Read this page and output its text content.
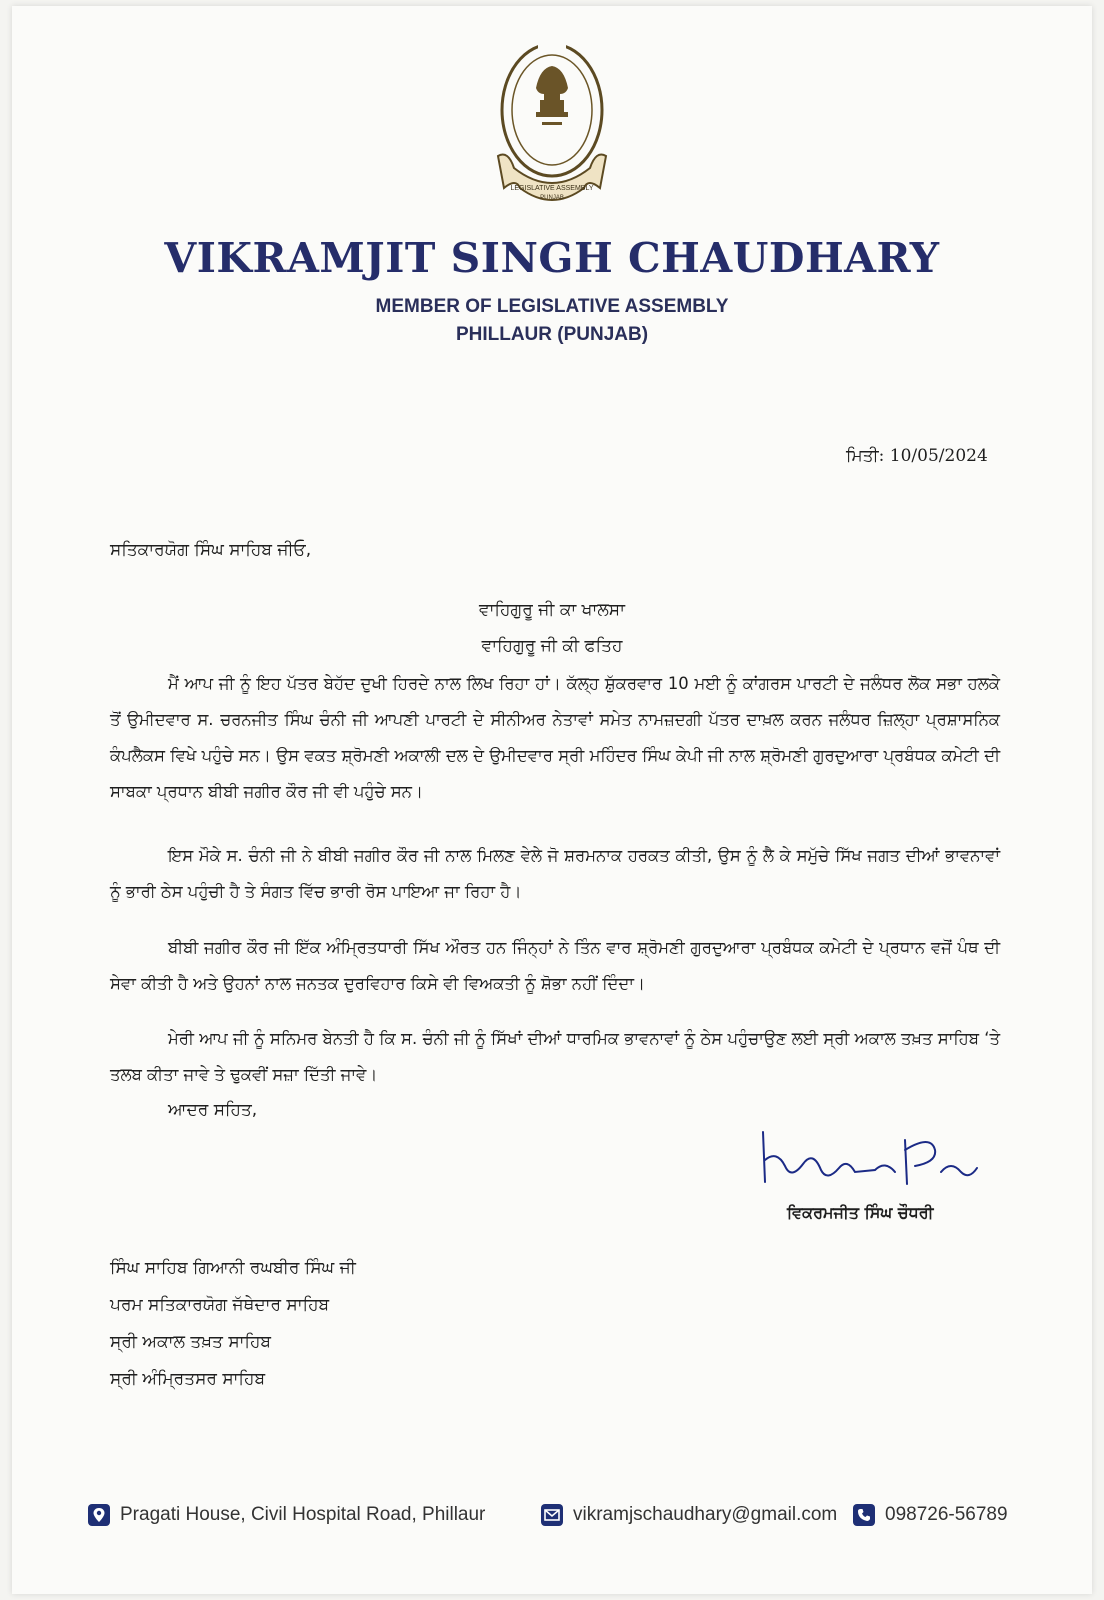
LEGISLATIVE ASSEMBLY
PUNJAB
VIKRAMJIT SINGH CHAUDHARY
MEMBER OF LEGISLATIVE ASSEMBLY
PHILLAUR (PUNJAB)
ਮਿਤੀ: 10/05/2024
ਸਤਿਕਾਰਯੋਗ ਸਿੰਘ ਸਾਹਿਬ ਜੀਓ,
ਵਾਹਿਗੁਰੂ ਜੀ ਕਾ ਖਾਲਸਾ
ਵਾਹਿਗੁਰੂ ਜੀ ਕੀ ਫਤਿਹ
ਮੈਂ ਆਪ ਜੀ ਨੂੰ ਇਹ ਪੱਤਰ ਬੇਹੱਦ ਦੁਖੀ ਹਿਰਦੇ ਨਾਲ ਲਿਖ ਰਿਹਾ ਹਾਂ। ਕੱਲ੍ਹ ਸ਼ੁੱਕਰਵਾਰ 10 ਮਈ ਨੂੰ ਕਾਂਗਰਸ ਪਾਰਟੀ ਦੇ ਜਲੰਧਰ ਲੋਕ ਸਭਾ ਹਲਕੇ ਤੋਂ ਉਮੀਦਵਾਰ ਸ. ਚਰਨਜੀਤ ਸਿੰਘ ਚੰਨੀ ਜੀ ਆਪਣੀ ਪਾਰਟੀ ਦੇ ਸੀਨੀਅਰ ਨੇਤਾਵਾਂ ਸਮੇਤ ਨਾਮਜ਼ਦਗੀ ਪੱਤਰ ਦਾਖ਼ਲ ਕਰਨ ਜਲੰਧਰ ਜ਼ਿਲ੍ਹਾ ਪ੍ਰਸ਼ਾਸਨਿਕ ਕੰਪਲੈਕਸ ਵਿਖੇ ਪਹੁੰਚੇ ਸਨ। ਉਸ ਵਕਤ ਸ਼੍ਰੋਮਣੀ ਅਕਾਲੀ ਦਲ ਦੇ ਉਮੀਦਵਾਰ ਸ੍ਰੀ ਮਹਿੰਦਰ ਸਿੰਘ ਕੇਪੀ ਜੀ ਨਾਲ ਸ਼੍ਰੋਮਣੀ ਗੁਰਦੁਆਰਾ ਪ੍ਰਬੰਧਕ ਕਮੇਟੀ ਦੀ ਸਾਬਕਾ ਪ੍ਰਧਾਨ ਬੀਬੀ ਜਗੀਰ ਕੌਰ ਜੀ ਵੀ ਪਹੁੰਚੇ ਸਨ।
ਇਸ ਮੌਕੇ ਸ. ਚੰਨੀ ਜੀ ਨੇ ਬੀਬੀ ਜਗੀਰ ਕੌਰ ਜੀ ਨਾਲ ਮਿਲਣ ਵੇਲੇ ਜੋ ਸ਼ਰਮਨਾਕ ਹਰਕਤ ਕੀਤੀ, ਉਸ ਨੂੰ ਲੈ ਕੇ ਸਮੁੱਚੇ ਸਿੱਖ ਜਗਤ ਦੀਆਂ ਭਾਵਨਾਵਾਂ ਨੂੰ ਭਾਰੀ ਠੇਸ ਪਹੁੰਚੀ ਹੈ ਤੇ ਸੰਗਤ ਵਿੱਚ ਭਾਰੀ ਰੋਸ ਪਾਇਆ ਜਾ ਰਿਹਾ ਹੈ।
ਬੀਬੀ ਜਗੀਰ ਕੌਰ ਜੀ ਇੱਕ ਅੰਮ੍ਰਿਤਧਾਰੀ ਸਿੱਖ ਔਰਤ ਹਨ ਜਿੰਨ੍ਹਾਂ ਨੇ ਤਿੰਨ ਵਾਰ ਸ਼੍ਰੋਮਣੀ ਗੁਰਦੁਆਰਾ ਪ੍ਰਬੰਧਕ ਕਮੇਟੀ ਦੇ ਪ੍ਰਧਾਨ ਵਜੋਂ ਪੰਥ ਦੀ ਸੇਵਾ ਕੀਤੀ ਹੈ ਅਤੇ ਉਹਨਾਂ ਨਾਲ ਜਨਤਕ ਦੁਰਵਿਹਾਰ ਕਿਸੇ ਵੀ ਵਿਅਕਤੀ ਨੂੰ ਸ਼ੋਭਾ ਨਹੀਂ ਦਿੰਦਾ।
ਮੇਰੀ ਆਪ ਜੀ ਨੂੰ ਸਨਿਮਰ ਬੇਨਤੀ ਹੈ ਕਿ ਸ. ਚੰਨੀ ਜੀ ਨੂੰ ਸਿੱਖਾਂ ਦੀਆਂ ਧਾਰਮਿਕ ਭਾਵਨਾਵਾਂ ਨੂੰ ਠੇਸ ਪਹੁੰਚਾਉਣ ਲਈ ਸ੍ਰੀ ਅਕਾਲ ਤਖ਼ਤ ਸਾਹਿਬ ‘ਤੇ ਤਲਬ ਕੀਤਾ ਜਾਵੇ ਤੇ ਢੁਕਵੀਂ ਸਜ਼ਾ ਦਿੱਤੀ ਜਾਵੇ।
ਆਦਰ ਸਹਿਤ,
ਵਿਕਰਮਜੀਤ ਸਿੰਘ ਚੌਧਰੀ
ਸਿੰਘ ਸਾਹਿਬ ਗਿਆਨੀ ਰਘਬੀਰ ਸਿੰਘ ਜੀ
ਪਰਮ ਸਤਿਕਾਰਯੋਗ ਜੱਥੇਦਾਰ ਸਾਹਿਬ
ਸ੍ਰੀ ਅਕਾਲ ਤਖ਼ਤ ਸਾਹਿਬ
ਸ੍ਰੀ ਅੰਮ੍ਰਿਤਸਰ ਸਾਹਿਬ
Pragati House, Civil Hospital Road, Phillaur	vikramjschaudhary@gmail.com	098726-56789
